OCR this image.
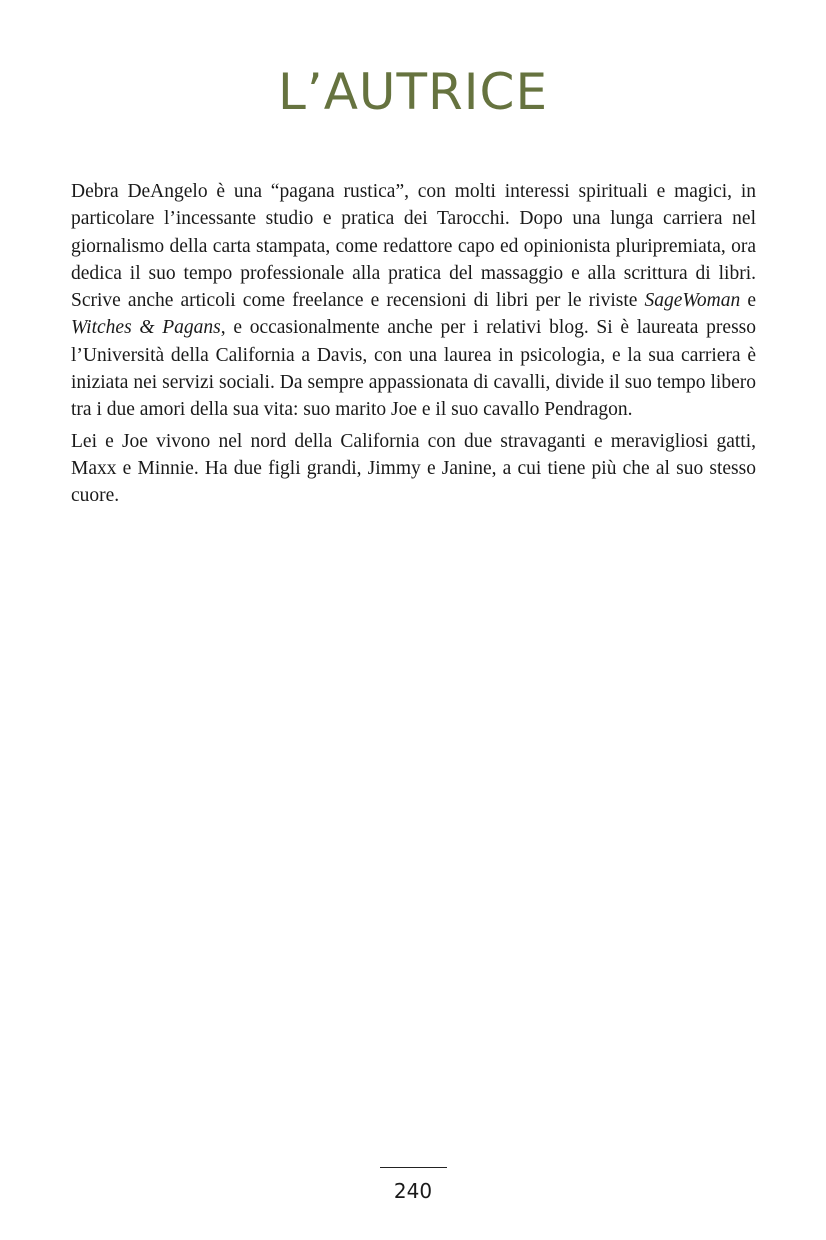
L’AUTRICE

Debra DeAngelo è una “pagana rustica”, con molti interessi spirituali e magici, in particolare l’incessante studio e pratica dei Tarocchi. Dopo una lunga carriera nel giornalismo della carta stampata, come redattore capo ed opinionista pluripremiata, ora dedica il suo tempo professionale alla pratica del massaggio e alla scrittura di libri. Scrive anche articoli come freelance e recensioni di libri per le riviste SageWoman e Witches & Pagans, e occasionalmente anche per i relativi blog. Si è laureata presso l’Università della California a Davis, con una laurea in psicologia, e la sua carriera è iniziata nei servizi sociali. Da sempre appassionata di cavalli, divide il suo tempo libero tra i due amori della sua vita: suo marito Joe e il suo cavallo Pendragon.

Lei e Joe vivono nel nord della California con due stravaganti e meravigliosi gatti, Maxx e Minnie. Ha due figli grandi, Jimmy e Janine, a cui tiene più che al suo stesso cuore.

240
